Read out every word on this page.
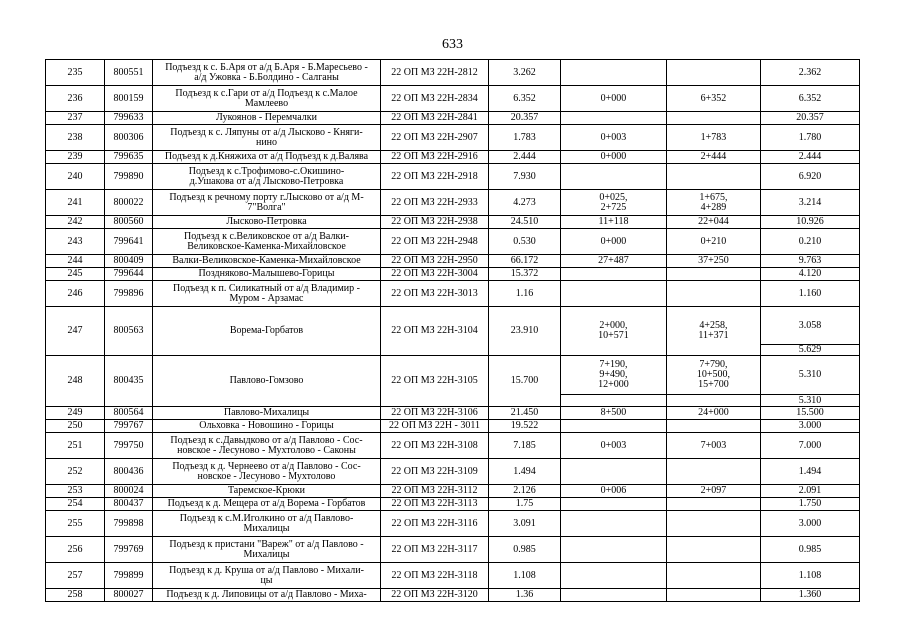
633
235	800551	Подъезд к с. Б.Аря от а/д Б.Аря - Б.Маресьево -
а/д Ужовка - Б.Болдино - Салганы	22 ОП МЗ 22Н-2812	3.262			2.362
236	800159	Подъезд к с.Гари от а/д Подъезд к с.Малое
Мамлеево	22 ОП МЗ 22Н-2834	6.352	0+000	6+352	6.352
237	799633	Лукоянов - Перемчалки	22 ОП МЗ 22Н-2841	20.357			20.357
238	800306	Подъезд к с. Ляпуны от а/д Лысково - Княги-
нино	22 ОП МЗ 22Н-2907	1.783	0+003	1+783	1.780
239	799635	Подъезд к д.Княжиха от а/д Подъезд к д.Валява	22 ОП МЗ 22Н-2916	2.444	0+000	2+444	2.444
240	799890	Подъезд к с.Трофимово-с.Окишино-
д.Ушакова от а/д Лысково-Петровка	22 ОП МЗ 22Н-2918	7.930			6.920
241	800022	Подъезд к речному порту г.Лысково от а/д М-
7"Волга"	22 ОП МЗ 22Н-2933	4.273	0+025,
2+725	1+675,
4+289	3.214
242	800560	Лысково-Петровка	22 ОП МЗ 22Н-2938	24.510	11+118	22+044	10.926
243	799641	Подъезд к с.Великовское от а/д Валки-
Великовское-Каменка-Михайловское	22 ОП МЗ 22Н-2948	0.530	0+000	0+210	0.210
244	800409	Валки-Великовское-Каменка-Михайловское	22 ОП МЗ 22Н-2950	66.172	27+487	37+250	9.763
245	799644	Поздняково-Малышево-Горицы	22 ОП МЗ 22Н-3004	15.372			4.120
246	799896	Подъезд к п. Силикатный от а/д Владимир -
Муром - Арзамас	22 ОП МЗ 22Н-3013	1.16			1.160
247	800563	Ворема-Горбатов	22 ОП МЗ 22Н-3104	23.910	2+000,
10+571	4+258,
11+371	3.058
							5.629
248	800435	Павлово-Гомзово	22 ОП МЗ 22Н-3105	15.700	7+190,
9+490,
12+000	7+790,
10+500,
15+700	5.310
							5.310
249	800564	Павлово-Михалицы	22 ОП МЗ 22Н-3106	21.450	8+500	24+000	15.500
250	799767	Ольховка - Новошино - Горицы	22 ОП МЗ 22Н - 3011	19.522			3.000
251	799750	Подъезд к с.Давыдково от а/д Павлово - Сос-
новское - Лесуново - Мухтолово - Саконы	22 ОП МЗ 22Н-3108	7.185	0+003	7+003	7.000
252	800436	Подъезд к д. Чернеево от а/д Павлово - Сос-
новское - Лесуново - Мухтолово	22 ОП МЗ 22Н-3109	1.494			1.494
253	800024	Таремское-Крюки	22 ОП МЗ 22Н-3112	2.126	0+006	2+097	2.091
254	800437	Подъезд к д. Мещера от а/д Ворема - Горбатов	22 ОП МЗ 22Н-3113	1.75			1.750
255	799898	Подъезд к с.М.Иголкино от а/д Павлово-
Михалицы	22 ОП МЗ 22Н-3116	3.091			3.000
256	799769	Подъезд к пристани "Вареж" от а/д Павлово -
Михалицы	22 ОП МЗ 22Н-3117	0.985			0.985
257	799899	Подъезд к д. Круша от а/д Павлово - Михали-
цы	22 ОП МЗ 22Н-3118	1.108			1.108
258	800027	Подъезд к д. Липовицы от а/д Павлово - Миха-	22 ОП МЗ 22Н-3120	1.36			1.360
